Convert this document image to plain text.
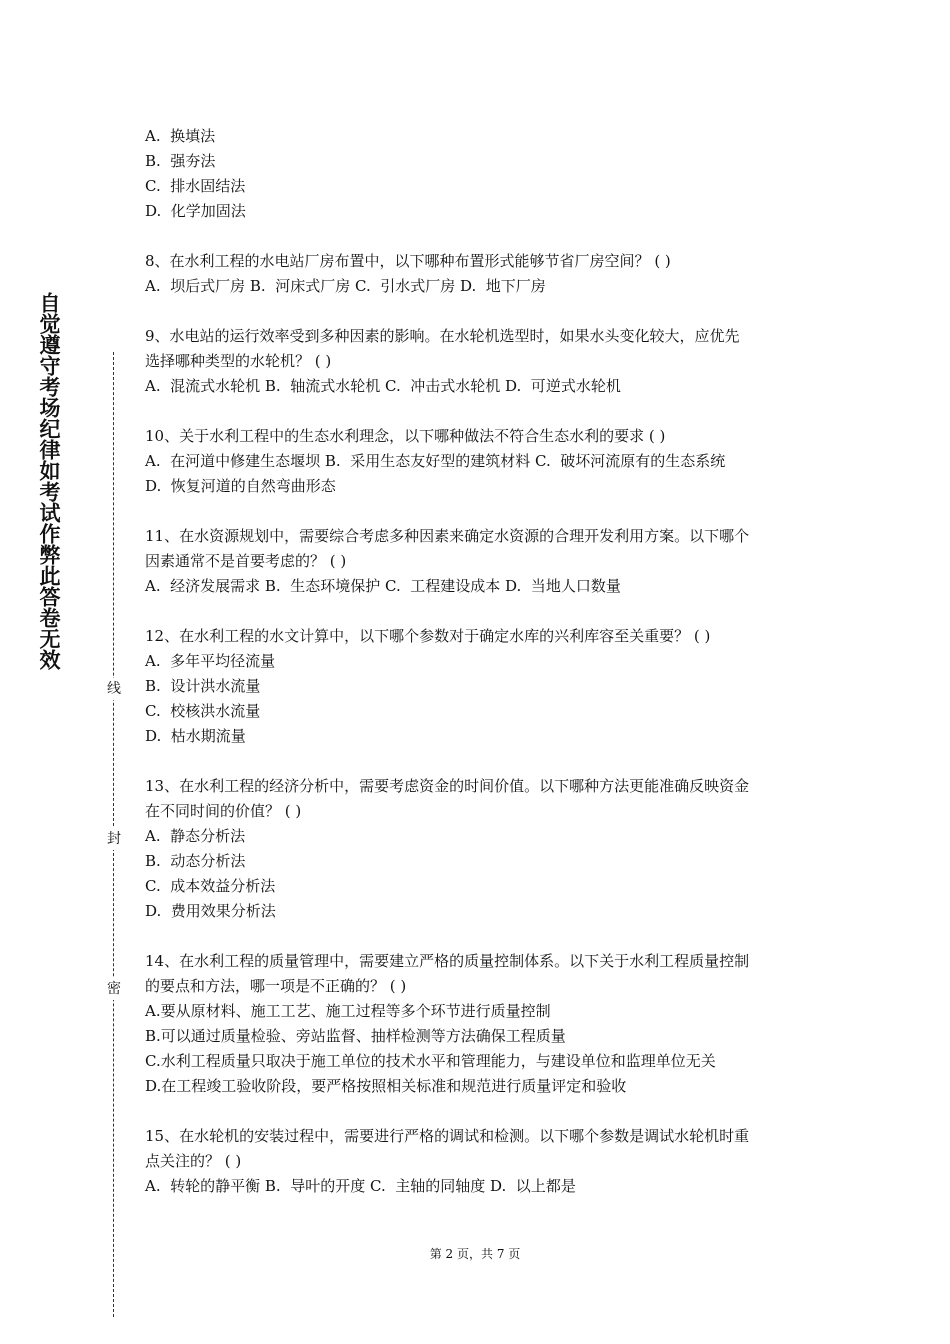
自觉遵守考场纪律如考试作弊此答卷无效
线
封
密
A.  换填法
B.  强夯法
C.  排水固结法
D.  化学加固法
8、在水利工程的水电站厂房布置中，以下哪种布置形式能够节省厂房空间？ ( )
A.  坝后式厂房 B.  河床式厂房 C.  引水式厂房 D.  地下厂房
9、水电站的运行效率受到多种因素的影响。在水轮机选型时，如果水头变化较大，应优先
选择哪种类型的水轮机？ ( )
A.  混流式水轮机 B.  轴流式水轮机 C.  冲击式水轮机 D.  可逆式水轮机
10、关于水利工程中的生态水利理念，以下哪种做法不符合生态水利的要求 ( )
A.  在河道中修建生态堰坝 B.  采用生态友好型的建筑材料 C.  破坏河流原有的生态系统
D.  恢复河道的自然弯曲形态
11、在水资源规划中，需要综合考虑多种因素来确定水资源的合理开发利用方案。以下哪个
因素通常不是首要考虑的？ ( )
A.  经济发展需求 B.  生态环境保护 C.  工程建设成本 D.  当地人口数量
12、在水利工程的水文计算中，以下哪个参数对于确定水库的兴利库容至关重要？ ( )
A.  多年平均径流量
B.  设计洪水流量
C.  校核洪水流量
D.  枯水期流量
13、在水利工程的经济分析中，需要考虑资金的时间价值。以下哪种方法更能准确反映资金
在不同时间的价值？ ( )
A.  静态分析法
B.  动态分析法
C.  成本效益分析法
D.  费用效果分析法
14、在水利工程的质量管理中，需要建立严格的质量控制体系。以下关于水利工程质量控制
的要点和方法，哪一项是不正确的？ ( )
A.要从原材料、施工工艺、施工过程等多个环节进行质量控制
B.可以通过质量检验、旁站监督、抽样检测等方法确保工程质量
C.水利工程质量只取决于施工单位的技术水平和管理能力，与建设单位和监理单位无关
D.在工程竣工验收阶段，要严格按照相关标准和规范进行质量评定和验收
15、在水轮机的安装过程中，需要进行严格的调试和检测。以下哪个参数是调试水轮机时重
点关注的？ ( )
A.  转轮的静平衡 B.  导叶的开度 C.  主轴的同轴度 D.  以上都是
第 2 页，共 7 页
